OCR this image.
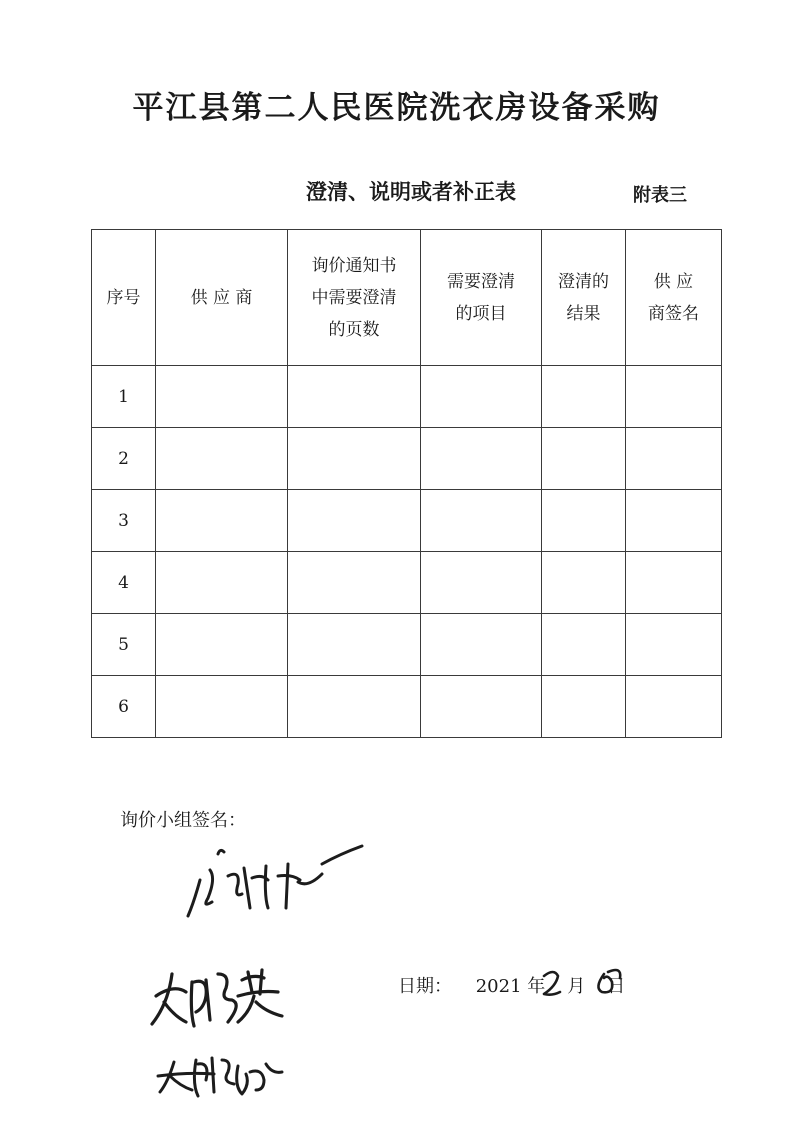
平江县第二人民医院洗衣房设备采购
澄清、说明或者补正表	附表三
序号	供 应 商	询价通知书中需要澄清的页数	需要澄清的项目	澄清的结果	供 应 商签名
1					
2					
3					
4					
5					
6					
询价小组签名：
日期： 2021 年 月 日
